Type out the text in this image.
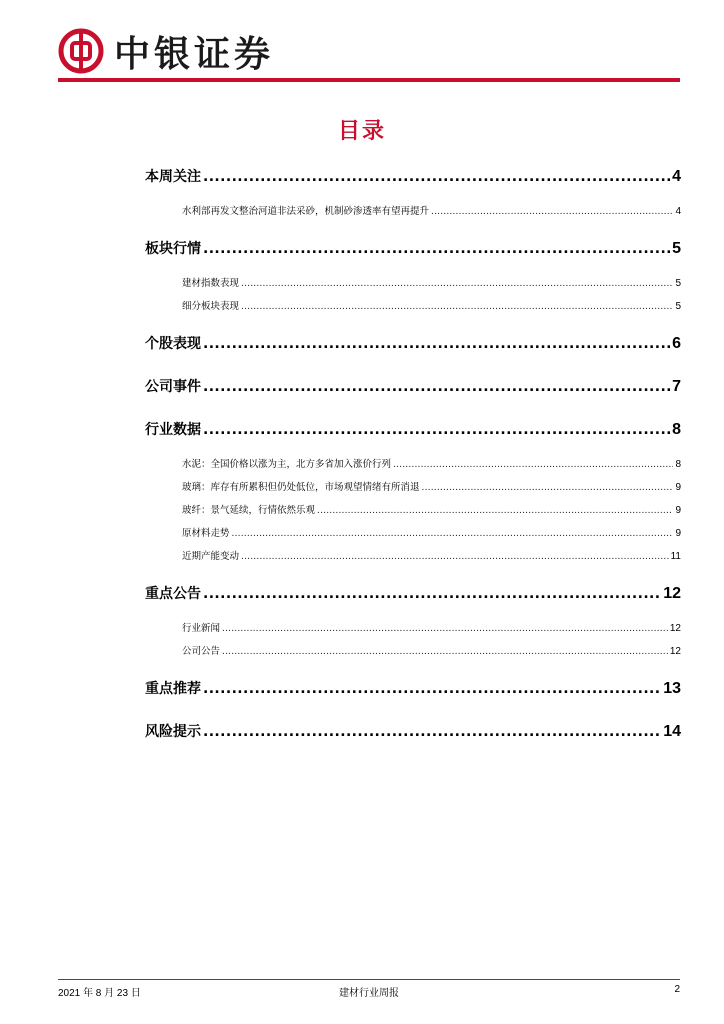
中银证券
目录
本周关注 .....	4
水利部再发文整治河道非法采砂，机制砂渗透率有望再提升 .....	4
板块行情 .....	5
建材指数表现 .....	5
细分板块表现 .....	5
个股表现 .....	6
公司事件 .....	7
行业数据 .....	8
水泥：全国价格以涨为主，北方多省加入涨价行列 .....	8
玻璃：库存有所累积但仍处低位，市场观望情绪有所消退 .....	9
玻纤：景气延续，行情依然乐观 .....	9
原材料走势 .....	9
近期产能变动 .....	11
重点公告 .....	12
行业新闻 .....	12
公司公告 .....	12
重点推荐 .....	13
风险提示 .....	14
2021 年 8 月 23 日	建材行业周报	2
